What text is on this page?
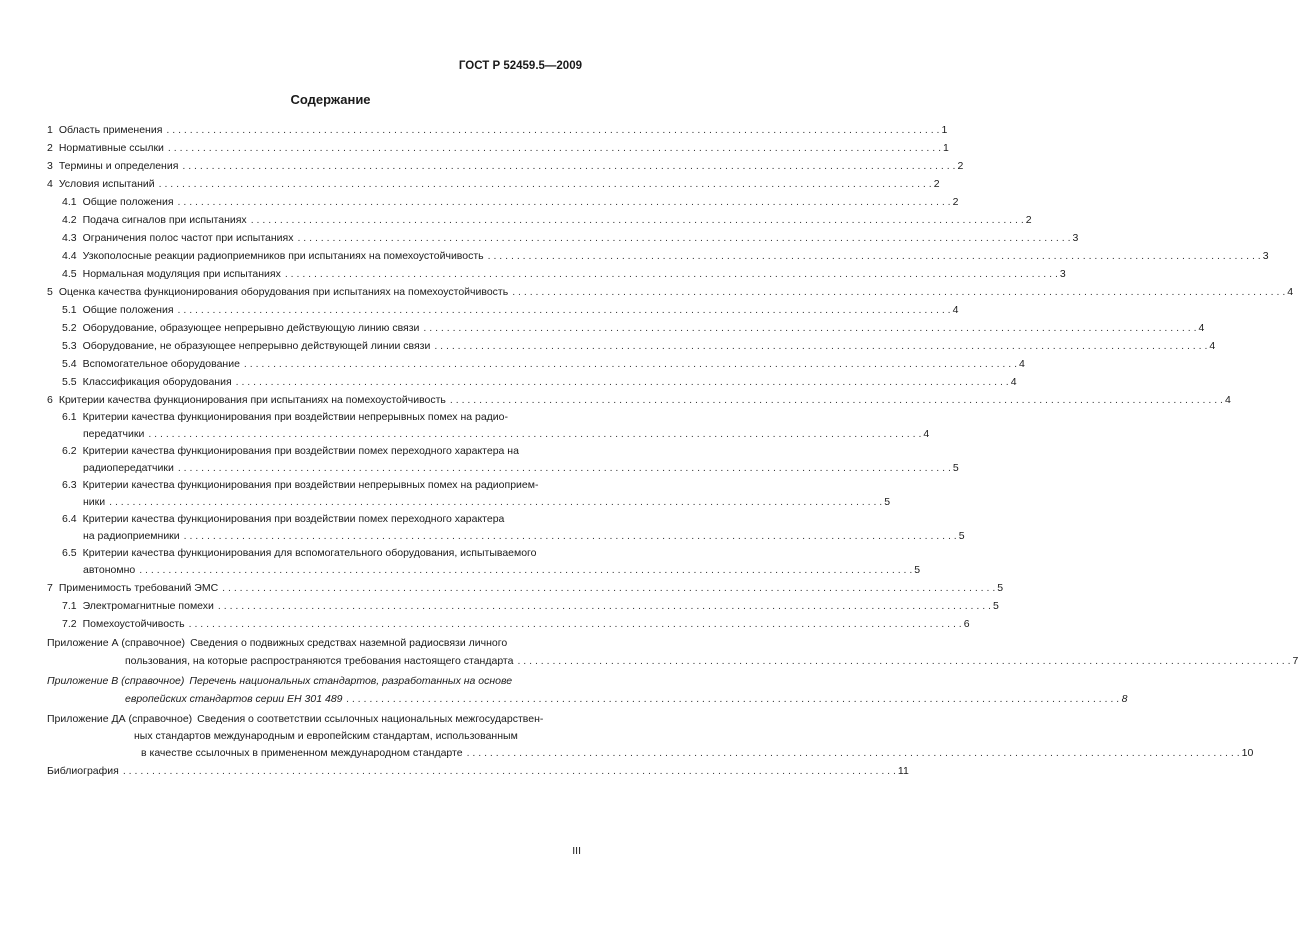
ГОСТ Р 52459.5—2009
Содержание
1 Область применения . . .	1
2 Нормативные ссылки . . .	1
3 Термины и определения . . .	2
4 Условия испытаний . . .	2
4.1 Общие положения . . .	2
4.2 Подача сигналов при испытаниях . . .	2
4.3 Ограничения полос частот при испытаниях . . .	3
4.4 Узкополосные реакции радиоприемников при испытаниях на помехоустойчивость . . .	3
4.5 Нормальная модуляция при испытаниях . . .	3
5 Оценка качества функционирования оборудования при испытаниях на помехоустойчивость . . .	4
5.1 Общие положения . . .	4
5.2 Оборудование, образующее непрерывно действующую линию связи . . .	4
5.3 Оборудование, не образующее непрерывно действующей линии связи . . .	4
5.4 Вспомогательное оборудование . . .	4
5.5 Классификация оборудования . . .	4
6 Критерии качества функционирования при испытаниях на помехоустойчивость . . .	4
6.1 Критерии качества функционирования при воздействии непрерывных помех на радио-
передатчики . . .	4
6.2 Критерии качества функционирования при воздействии помех переходного характера на
радиопередатчики . . .	5
6.3 Критерии качества функционирования при воздействии непрерывных помех на радиоприем-
ники . . .	5
6.4 Критерии качества функционирования при воздействии помех переходного характера
на радиоприемники . . .	5
6.5 Критерии качества функционирования для вспомогательного оборудования, испытываемого
автономно . . .	5
7 Применимость требований ЭМС . . .	5
7.1 Электромагнитные помехи . . .	5
7.2 Помехоустойчивость . . .	6
Приложение А (справочное) Сведения о подвижных средствах наземной радиосвязи личного
пользования, на которые распространяются требования настоящего стандарта . . .	7
Приложение В (справочное) Перечень национальных стандартов, разработанных на основе
европейских стандартов серии ЕН 301 489 . . .	8
Приложение ДА (справочное) Сведения о соответствии ссылочных национальных межгосударствен-
ных стандартов международным и европейским стандартам, использованным
в качестве ссылочных в примененном международном стандарте . . .	10
Библиография . . .	11
III
